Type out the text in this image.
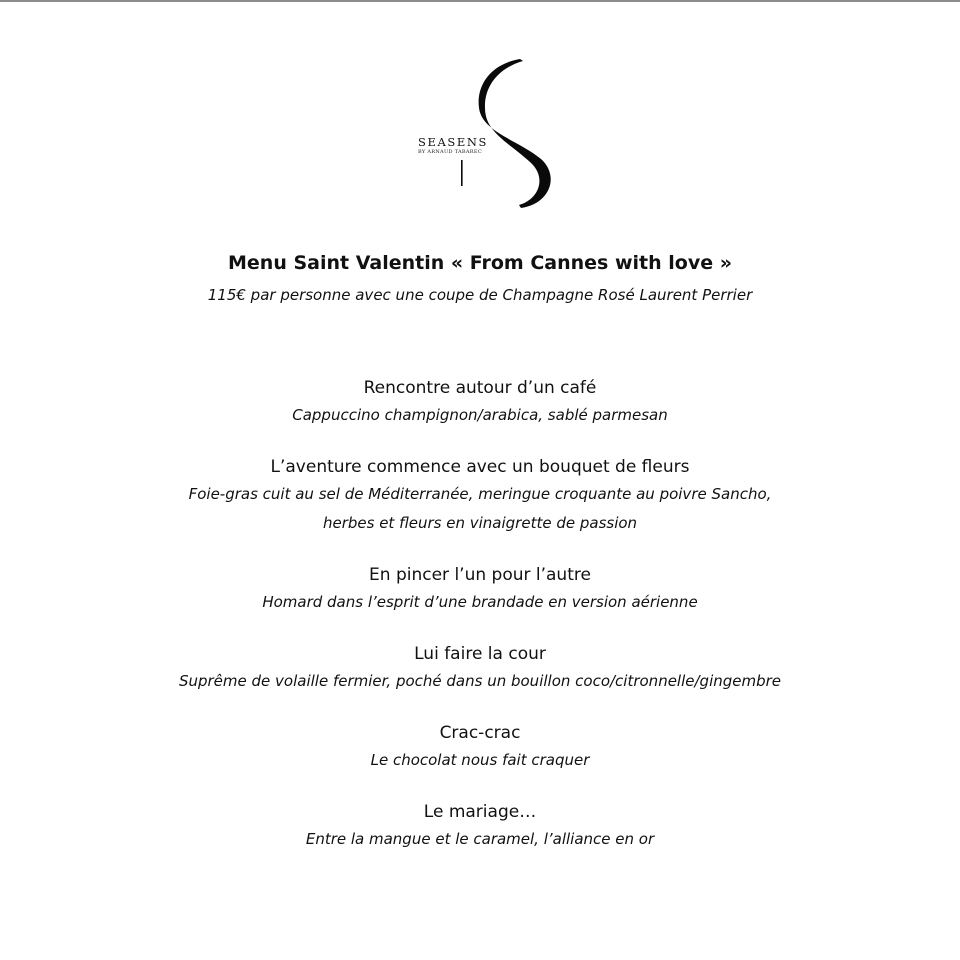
SEASENS
BY ARNAUD TABAREC
Menu Saint Valentin « From Cannes with love »
115€ par personne avec une coupe de Champagne Rosé Laurent Perrier
Rencontre autour d’un café
Cappuccino champignon/arabica, sablé parmesan
L’aventure commence avec un bouquet de fleurs
Foie-gras cuit au sel de Méditerranée, meringue croquante au poivre Sancho,
herbes et fleurs en vinaigrette de passion
En pincer l’un pour l’autre
Homard dans l’esprit d’une brandade en version aérienne
Lui faire la cour
Suprême de volaille fermier, poché dans un bouillon coco/citronnelle/gingembre
Crac-crac
Le chocolat nous fait craquer
Le mariage…
Entre la mangue et le caramel, l’alliance en or
